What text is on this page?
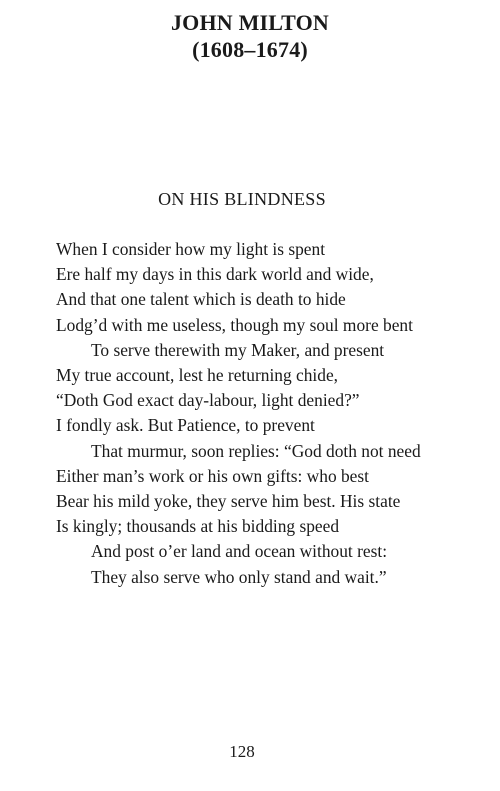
JOHN MILTON
(1608–1674)
ON HIS BLINDNESS
When I consider how my light is spent
Ere half my days in this dark world and wide,
And that one talent which is death to hide
Lodg’d with me useless, though my soul more bent
To serve therewith my Maker, and present
My true account, lest he returning chide,
“Doth God exact day-labour, light denied?”
I fondly ask. But Patience, to prevent
That murmur, soon replies: “God doth not need
Either man’s work or his own gifts: who best
Bear his mild yoke, they serve him best. His state
Is kingly; thousands at his bidding speed
And post o’er land and ocean without rest:
They also serve who only stand and wait.”
128
